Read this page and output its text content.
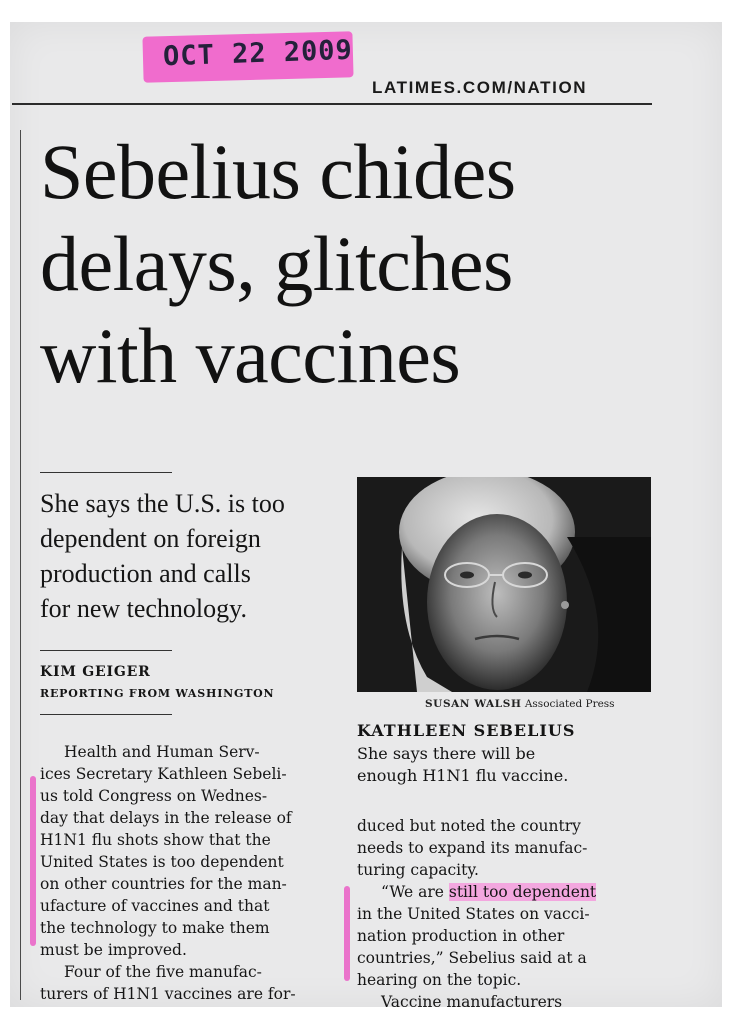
OCT 22 2009
LATIMES.COM/NATION
Sebelius chides
delays, glitches
with vaccines
She says the U.S. is too
dependent on foreign
production and calls
for new technology.
KIM GEIGER
REPORTING FROM WASHINGTON
SUSAN WALSH Associated Press
KATHLEEN SEBELIUS
She says there will be
enough H1N1 flu vaccine.
Health and Human Serv-
ices Secretary Kathleen Sebeli-
us told Congress on Wednes-
day that delays in the release of
H1N1 flu shots show that the
United States is too dependent
on other countries for the man-
ufacture of vaccines and that
the technology to make them
must be improved.
Four of the five manufac-
turers of H1N1 vaccines are for-
duced but noted the country
needs to expand its manufac-
turing capacity.
“We are still too dependent
in the United States on vacci-
nation production in other
countries,” Sebelius said at a
hearing on the topic.
Vaccine manufacturers
